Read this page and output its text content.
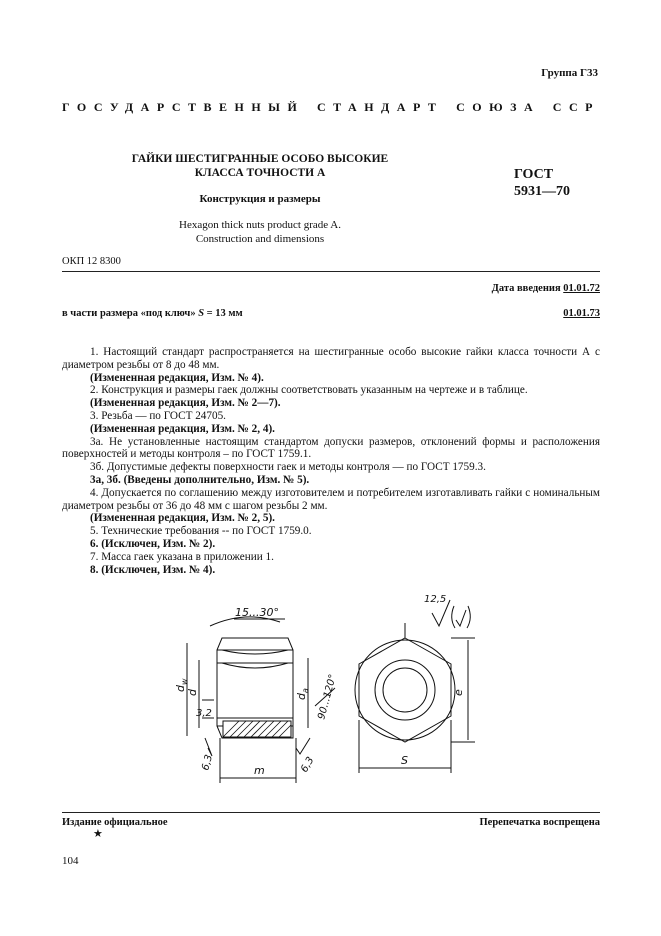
Группа Г33
ГОСУДАРСТВЕННЫЙ СТАНДАРТ СОЮЗА ССР
ГАЙКИ ШЕСТИГРАННЫЕ ОСОБО ВЫСОКИЕ
КЛАССА ТОЧНОСТИ А
Конструкция и размеры
Hexagon thick nuts product grade A.
Construction and dimensions
ГОСТ
5931—70
ОКП 12 8300
Дата введения 01.01.72
в части размера «под ключ» S = 13 мм	01.01.73

1. Настоящий стандарт распространяется на шестигранные особо высокие гайки класса точности А с диаметром резьбы от 8 до 48 мм.

(Измененная редакция, Изм. № 4).

2. Конструкция и размеры гаек должны соответствовать указанным на чертеже и в таблице.

(Измененная редакция, Изм. № 2—7).

3. Резьба — по ГОСТ 24705.

(Измененная редакция, Изм. № 2, 4).

3а. Не установленные настоящим стандартом допуски размеров, отклонений формы и расположения поверхностей и методы контроля – по ГОСТ 1759.1.

3б. Допустимые дефекты поверхности гаек и методы контроля — по ГОСТ 1759.3.

3а, 3б. (Введены дополнительно, Изм. № 5).

4. Допускается по соглашению между изготовителем и потребителем изготавливать гайки с номинальным диаметром резьбы от 36 до 48 мм с шагом резьбы 2 мм.

(Измененная редакция, Изм. № 2, 5).

5. Технические требования -- по ГОСТ 1759.0.

6. (Исключен, Изм. № 2).

7. Масса гаек указана в приложении 1.

8. (Исключен, Изм. № 4).

15...30°
12,5
$d_w$
d
$d_a$ 90...120°
3,2
6,3	6,3
m
e
S
Издание официальное
★
Перепечатка воспрещена
104
